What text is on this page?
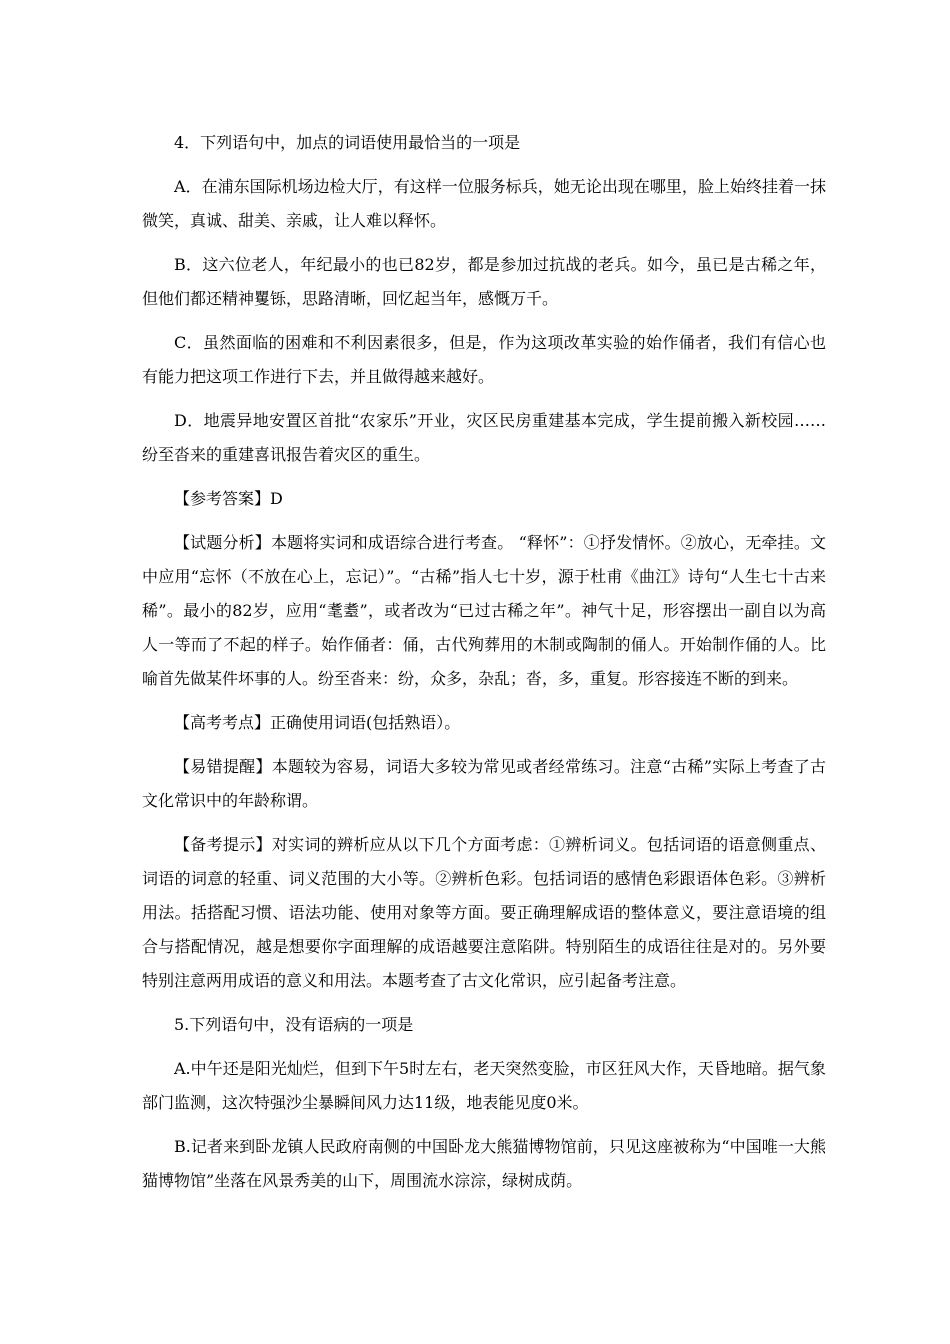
4．下列语句中，加点的词语使用最恰当的一项是

A．在浦东国际机场边检大厅，有这样一位服务标兵，她无论出现在哪里，脸上始终挂着一抹微笑，真诚、甜美、亲戚，让人难以释怀。

B．这六位老人，年纪最小的也已82岁，都是参加过抗战的老兵。如今，虽已是古稀之年，但他们都还精神矍铄，思路清晰，回忆起当年，感慨万千。

C．虽然面临的困难和不利因素很多，但是，作为这项改革实验的始作俑者，我们有信心也有能力把这项工作进行下去，并且做得越来越好。

D．地震异地安置区首批“农家乐”开业，灾区民房重建基本完成，学生提前搬入新校园……纷至沓来的重建喜讯报告着灾区的重生。

【参考答案】D

【试题分析】本题将实词和成语综合进行考查。 “释怀”：①抒发情怀。②放心，无牵挂。文中应用“忘怀（不放在心上，忘记）”。“古稀”指人七十岁，源于杜甫《曲江》诗句“人生七十古来稀”。最小的82岁，应用“耄耋”，或者改为“已过古稀之年”。神气十足，形容摆出一副自以为高人一等而了不起的样子。始作俑者：俑，古代殉葬用的木制或陶制的俑人。开始制作俑的人。比喻首先做某件坏事的人。纷至沓来：纷，众多，杂乱；沓，多，重复。形容接连不断的到来。

【高考考点】正确使用词语(包括熟语）。

【易错提醒】本题较为容易，词语大多较为常见或者经常练习。注意“古稀”实际上考查了古文化常识中的年龄称谓。

【备考提示】对实词的辨析应从以下几个方面考虑：①辨析词义。包括词语的语意侧重点、词语的词意的轻重、词义范围的大小等。②辨析色彩。包括词语的感情色彩跟语体色彩。③辨析用法。括搭配习惯、语法功能、使用对象等方面。要正确理解成语的整体意义，要注意语境的组合与搭配情况，越是想要你字面理解的成语越要注意陷阱。特别陌生的成语往往是对的。另外要特别注意两用成语的意义和用法。本题考查了古文化常识，应引起备考注意。

5.下列语句中，没有语病的一项是

A.中午还是阳光灿烂，但到下午5时左右，老天突然变脸，市区狂风大作，天昏地暗。据气象部门监测，这次特强沙尘暴瞬间风力达11级，地表能见度0米。

B.记者来到卧龙镇人民政府南侧的中国卧龙大熊猫博物馆前，只见这座被称为“中国唯一大熊猫博物馆”坐落在风景秀美的山下，周围流水淙淙，绿树成荫。
